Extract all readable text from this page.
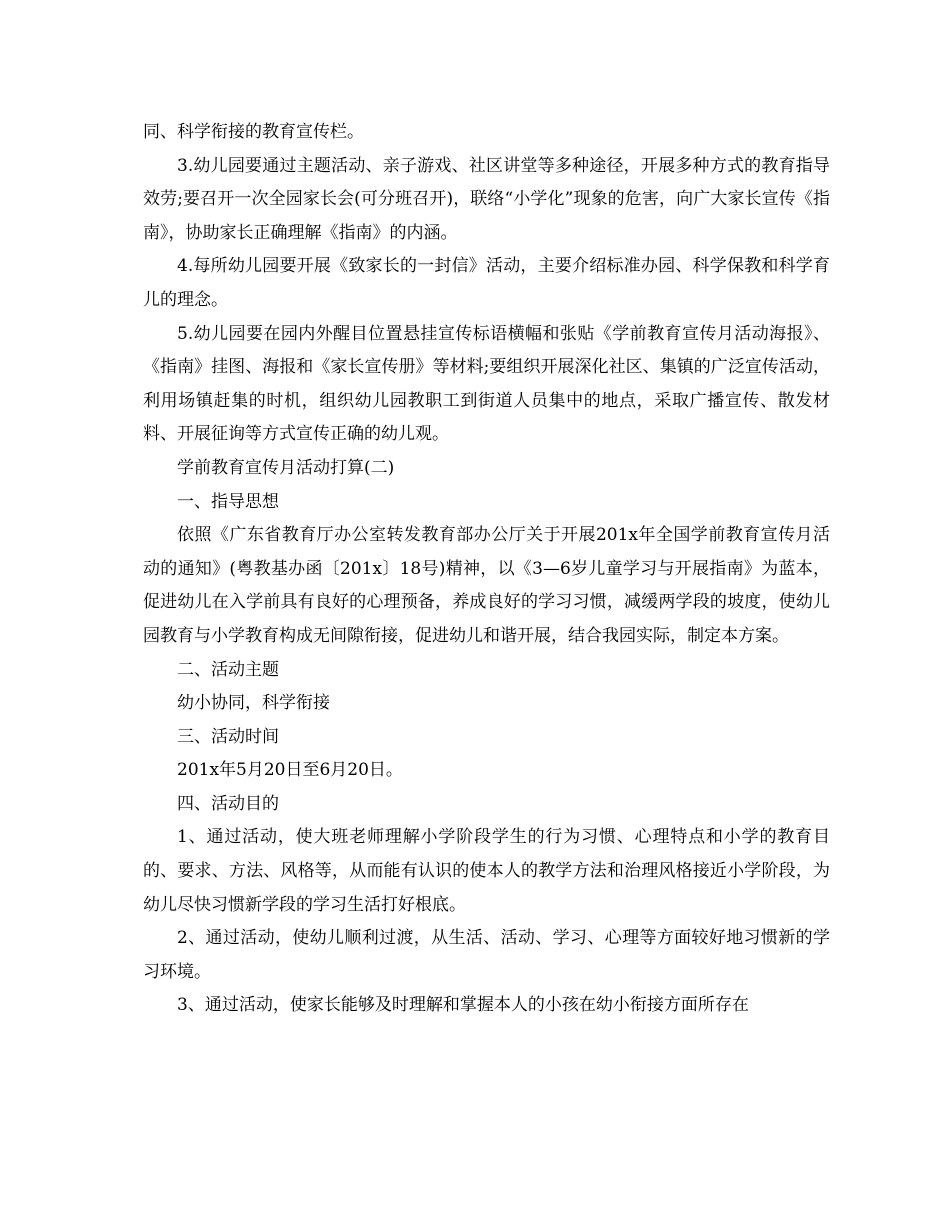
同、科学衔接的教育宣传栏。

3.幼儿园要通过主题活动、亲子游戏、社区讲堂等多种途径，开展多种方式的教育指导效劳;要召开一次全园家长会(可分班召开)，联络“小学化”现象的危害，向广大家长宣传《指南》，协助家长正确理解《指南》的内涵。

4.每所幼儿园要开展《致家长的一封信》活动，主要介绍标准办园、科学保教和科学育儿的理念。

5.幼儿园要在园内外醒目位置悬挂宣传标语横幅和张贴《学前教育宣传月活动海报》、《指南》挂图、海报和《家长宣传册》等材料;要组织开展深化社区、集镇的广泛宣传活动，利用场镇赶集的时机，组织幼儿园教职工到街道人员集中的地点，采取广播宣传、散发材料、开展征询等方式宣传正确的幼儿观。

学前教育宣传月活动打算(二)

一、指导思想

依照《广东省教育厅办公室转发教育部办公厅关于开展201x年全国学前教育宣传月活动的通知》(粤教基办函〔201x〕18号)精神，以《3—6岁儿童学习与开展指南》为蓝本，促进幼儿在入学前具有良好的心理预备，养成良好的学习习惯，减缓两学段的坡度，使幼儿园教育与小学教育构成无间隙衔接，促进幼儿和谐开展，结合我园实际，制定本方案。

二、活动主题

幼小协同，科学衔接

三、活动时间

201x年5月20日至6月20日。

四、活动目的

1、通过活动，使大班老师理解小学阶段学生的行为习惯、心理特点和小学的教育目的、要求、方法、风格等，从而能有认识的使本人的教学方法和治理风格接近小学阶段，为幼儿尽快习惯新学段的学习生活打好根底。

2、通过活动，使幼儿顺利过渡，从生活、活动、学习、心理等方面较好地习惯新的学习环境。

3、通过活动，使家长能够及时理解和掌握本人的小孩在幼小衔接方面所存在
